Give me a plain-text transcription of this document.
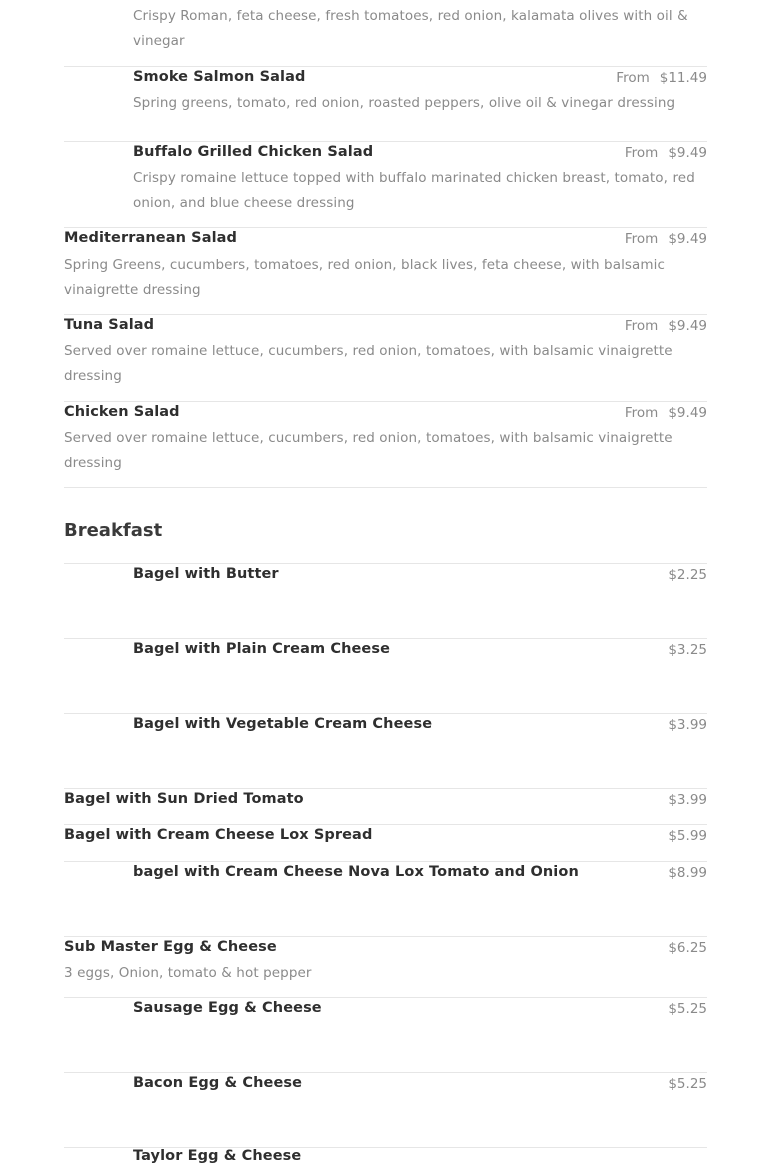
Crispy Roman, feta cheese, fresh tomatoes, red onion, kalamata olives with oil & vinegar
Smoke Salmon Salad	From $11.49
Spring greens, tomato, red onion, roasted peppers, olive oil & vinegar dressing
Buffalo Grilled Chicken Salad	From $9.49
Crispy romaine lettuce topped with buffalo marinated chicken breast, tomato, red onion, and blue cheese dressing
Mediterranean Salad	From $9.49
Spring Greens, cucumbers, tomatoes, red onion, black lives, feta cheese, with balsamic vinaigrette dressing
Tuna Salad	From $9.49
Served over romaine lettuce, cucumbers, red onion, tomatoes, with balsamic vinaigrette dressing
Chicken Salad	From $9.49
Served over romaine lettuce, cucumbers, red onion, tomatoes, with balsamic vinaigrette dressing
Breakfast
Bagel with Butter	$2.25
Bagel with Plain Cream Cheese	$3.25
Bagel with Vegetable Cream Cheese	$3.99
Bagel with Sun Dried Tomato	$3.99
Bagel with Cream Cheese Lox Spread	$5.99
bagel with Cream Cheese Nova Lox Tomato and Onion	$8.99
Sub Master Egg & Cheese	$6.25
3 eggs, Onion, tomato & hot pepper
Sausage Egg & Cheese	$5.25
Bacon Egg & Cheese	$5.25
Taylor Egg & Cheese
